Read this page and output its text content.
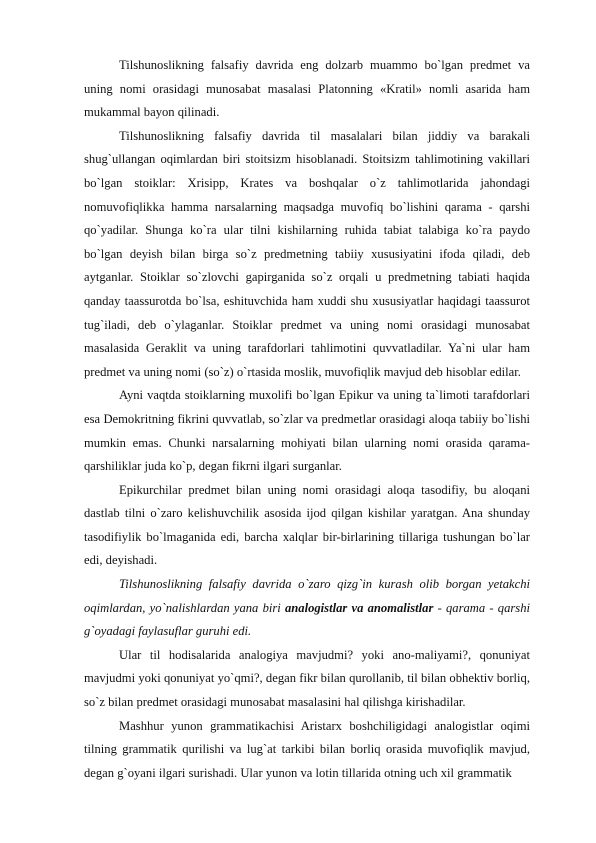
Tilshunoslikning falsafiy davrida eng dolzarb muammo bo`lgan predmet va uning nomi orasidagi munosabat masalasi Platonning «Kratil» nomli asarida ham mukammal bayon qilinadi.

Tilshunoslikning falsafiy davrida til masalalari bilan jiddiy va barakali shug`ullangan oqimlardan biri stoitsizm hisoblanadi. Stoitsizm tahlimotining vakillari bo`lgan stoiklar: Xrisipp, Krates va boshqalar o`z tahlimotlarida jahondagi nomuvofiqlikka hamma narsalarning maqsadga muvofiq bo`lishini qarama - qarshi qo`yadilar. Shunga ko`ra ular tilni kishilarning ruhida tabiat talabiga ko`ra paydo bo`lgan deyish bilan birga so`z predmetning tabiiy xususiyatini ifoda qiladi, deb aytganlar. Stoiklar so`zlovchi gapirganida so`z orqali u predmetning tabiati haqida qanday taassurotda bo`lsa, eshituvchida ham xuddi shu xususiyatlar haqidagi taassurot tug`iladi, deb o`ylaganlar. Stoiklar predmet va uning nomi orasidagi munosabat masalasida Geraklit va uning tarafdorlari tahlimotini quvvatladilar. Ya`ni ular ham predmet va uning nomi (so`z) o`rtasida moslik, muvofiqlik mavjud deb hisoblar edilar.

Ayni vaqtda stoiklarning muxolifi bo`lgan Epikur va uning ta`limoti tarafdorlari esa Demokritning fikrini quvvatlab, so`zlar va predmetlar orasidagi aloqa tabiiy bo`lishi mumkin emas. Chunki narsalarning mohiyati bilan ularning nomi orasida qarama-qarshiliklar juda ko`p, degan fikrni ilgari surganlar.

Epikurchilar predmet bilan uning nomi orasidagi aloqa tasodifiy, bu aloqani dastlab tilni o`zaro kelishuvchilik asosida ijod qilgan kishilar yaratgan. Ana shunday tasodifiylik bo`lmaganida edi, barcha xalqlar bir-birlarining tillariga tushungan bo`lar edi, deyishadi.

Tilshunoslikning falsafiy davrida o`zaro qizg`in kurash olib borgan yetakchi oqimlardan, yo`nalishlardan yana biri analogistlar va anomalistlar - qarama - qarshi g`oyadagi faylasuflar guruhi edi.

Ular til hodisalarida analogiya mavjudmi? yoki ano-maliyami?, qonuniyat mavjudmi yoki qonuniyat yo`qmi?, degan fikr bilan qurollanib, til bilan obhektiv borliq, so`z bilan predmet orasidagi munosabat masalasini hal qilishga kirishadilar.

Mashhur yunon grammatikachisi Aristarx boshchiligidagi analogistlar oqimi tilning grammatik qurilishi va lug`at tarkibi bilan borliq orasida muvofiqlik mavjud, degan g`oyani ilgari surishadi. Ular yunon va lotin tillarida otning uch xil grammatik
